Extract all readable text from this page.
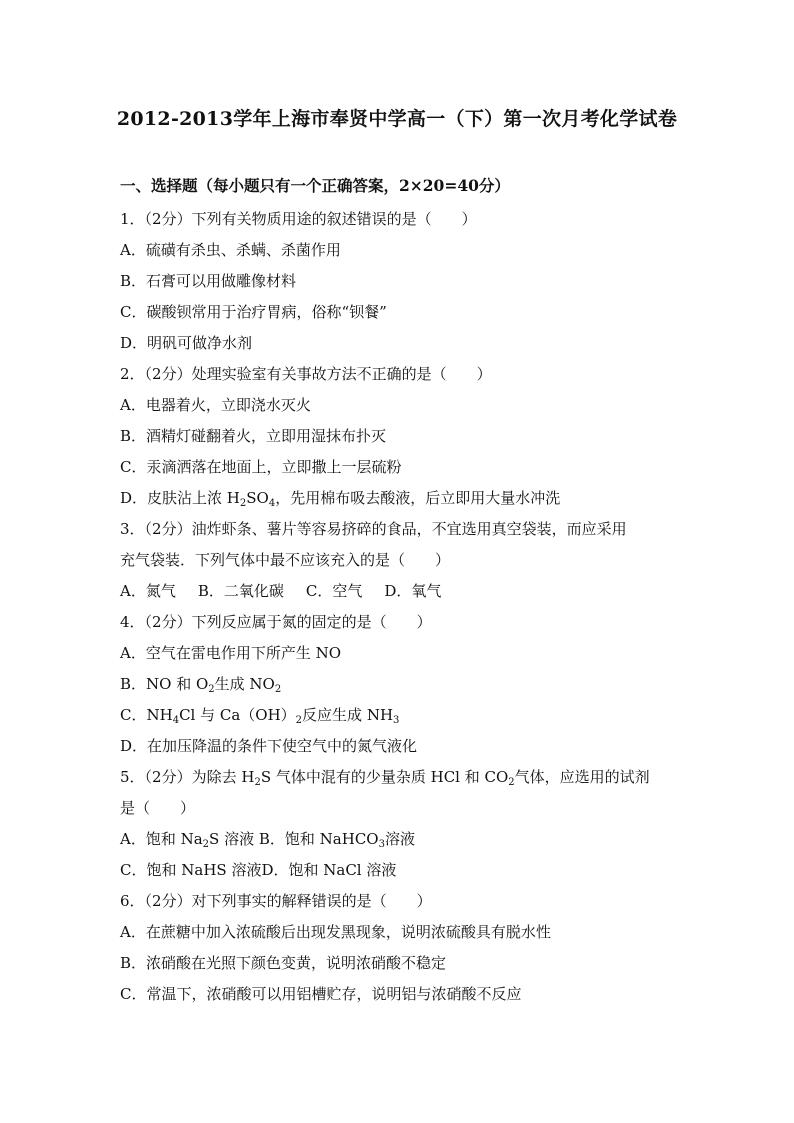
2012-2013学年上海市奉贤中学高一（下）第一次月考化学试卷
一、选择题（每小题只有一个正确答案，2×20=40分）
1．（2分）下列有关物质用途的叙述错误的是（　　）
A．硫磺有杀虫、杀螨、杀菌作用
B．石膏可以用做雕像材料
C．碳酸钡常用于治疗胃病，俗称“钡餐”
D．明矾可做净水剂
2．（2分）处理实验室有关事故方法不正确的是（　　）
A．电器着火，立即浇水灭火
B．酒精灯碰翻着火，立即用湿抹布扑灭
C．汞滴洒落在地面上，立即撒上一层硫粉
D．皮肤沾上浓 $H_2SO_4$，先用棉布吸去酸液，后立即用大量水冲洗
3．（2分）油炸虾条、薯片等容易挤碎的食品，不宜选用真空袋装，而应采用
充气袋装．下列气体中最不应该充入的是（　　）
A．氮气 B．二氧化碳 C．空气 D．氧气
4．（2分）下列反应属于氮的固定的是（　　）
A．空气在雷电作用下所产生 NO
B．NO 和 $O_2$生成 $NO_2$
C．$NH_4Cl$ 与 $Ca(OH)_2$反应生成 $NH_3$
D．在加压降温的条件下使空气中的氮气液化
5．（2分）为除去 $H_2S$ 气体中混有的少量杂质 HCl 和 $CO_2$气体，应选用的试剂
是（　　）
A．饱和 $Na_2S$ 溶液 B．饱和 NaHCO$_3$溶液
C．饱和 NaHS 溶液D．饱和 NaCl 溶液
6．（2分）对下列事实的解释错误的是（　　）
A．在蔗糖中加入浓硫酸后出现发黑现象，说明浓硫酸具有脱水性
B．浓硝酸在光照下颜色变黄，说明浓硝酸不稳定
C．常温下，浓硝酸可以用铝槽贮存，说明铝与浓硝酸不反应
